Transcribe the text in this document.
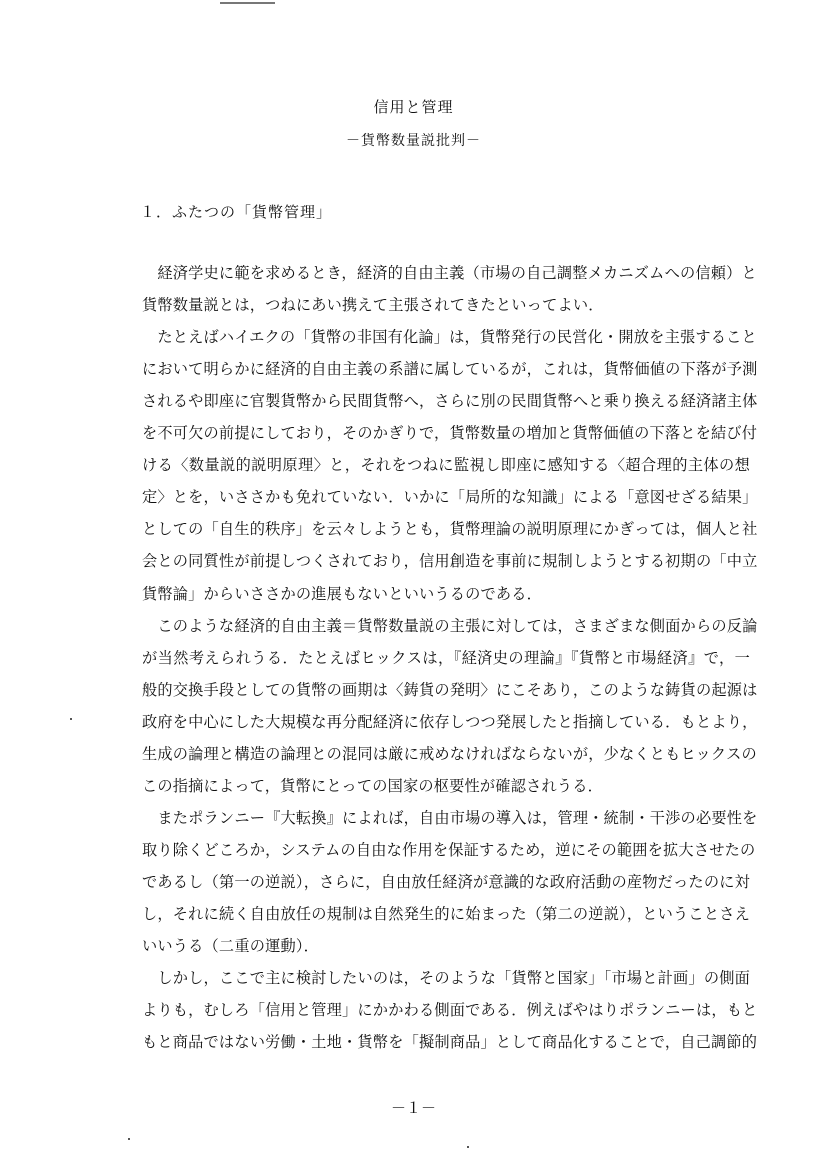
信用と管理
－貨幣数量説批判－
１．ふたつの「貨幣管理」
　経済学史に範を求めるとき，経済的自由主義（市場の自己調整メカニズムへの信頼）と
貨幣数量説とは，つねにあい携えて主張されてきたといってよい．
　たとえばハイエクの「貨幣の非国有化論」は，貨幣発行の民営化・開放を主張すること
において明らかに経済的自由主義の系譜に属しているが，これは，貨幣価値の下落が予測
されるや即座に官製貨幣から民間貨幣へ，さらに別の民間貨幣へと乗り換える経済諸主体
を不可欠の前提にしており，そのかぎりで，貨幣数量の増加と貨幣価値の下落とを結び付
ける〈数量説的説明原理〉と，それをつねに監視し即座に感知する〈超合理的主体の想
定〉とを，いささかも免れていない．いかに「局所的な知識」による「意図せざる結果」
としての「自生的秩序」を云々しようとも，貨幣理論の説明原理にかぎっては，個人と社
会との同質性が前提しつくされており，信用創造を事前に規制しようとする初期の「中立
貨幣論」からいささかの進展もないといいうるのである．
　このような経済的自由主義＝貨幣数量説の主張に対しては，さまざまな側面からの反論
が当然考えられうる．たとえばヒックスは，『経済史の理論』『貨幣と市場経済』で，一
般的交換手段としての貨幣の画期は〈鋳貨の発明〉にこそあり，このような鋳貨の起源は
政府を中心にした大規模な再分配経済に依存しつつ発展したと指摘している．もとより，
生成の論理と構造の論理との混同は厳に戒めなければならないが，少なくともヒックスの
この指摘によって，貨幣にとっての国家の枢要性が確認されうる．
　またポランニー『大転換』によれば，自由市場の導入は，管理・統制・干渉の必要性を
取り除くどころか，システムの自由な作用を保証するため，逆にその範囲を拡大させたの
であるし（第一の逆説），さらに，自由放任経済が意識的な政府活動の産物だったのに対
し，それに続く自由放任の規制は自然発生的に始まった（第二の逆説），ということさえ
いいうる（二重の運動）．
　しかし，ここで主に検討したいのは，そのような「貨幣と国家」「市場と計画」の側面
よりも，むしろ「信用と管理」にかかわる側面である．例えばやはりポランニーは，もと
もと商品ではない労働・土地・貨幣を「擬制商品」として商品化することで，自己調節的
－１－
